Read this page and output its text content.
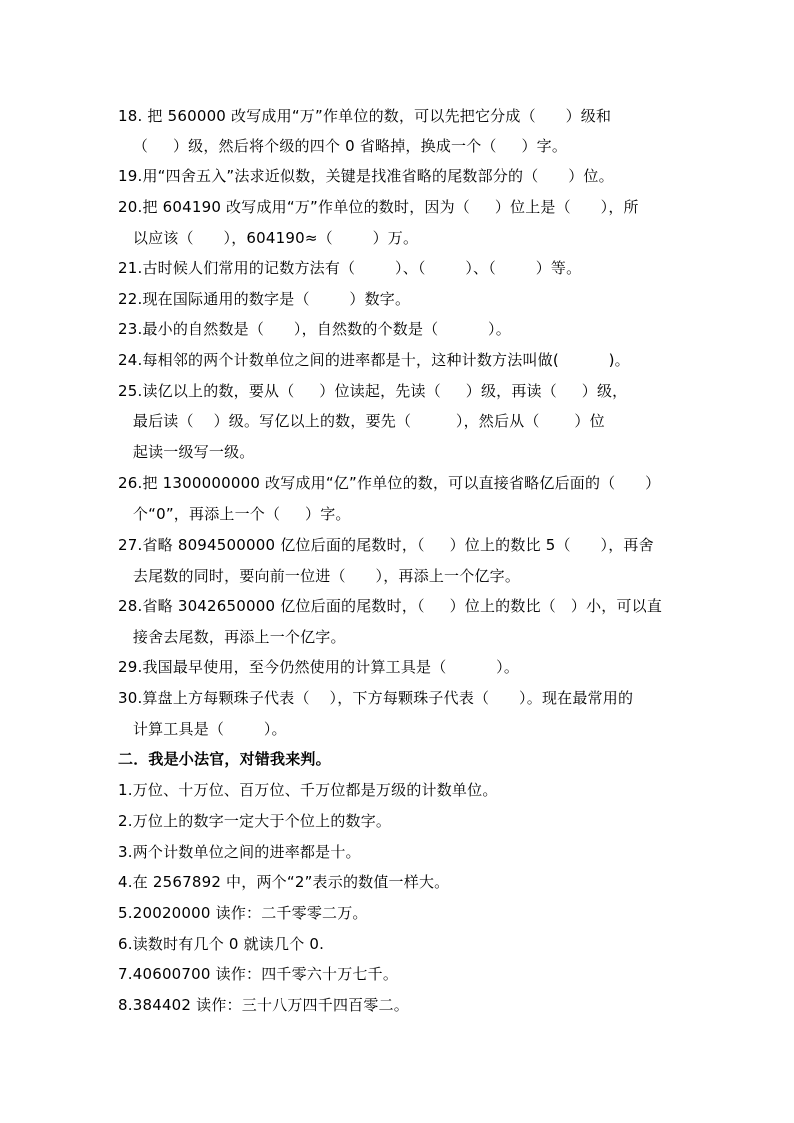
18. 把 560000 改写成用“万”作单位的数，可以先把它分成（      ）级和
（     ）级，然后将个级的四个 0 省略掉，换成一个（     ）字。
19.用“四舍五入”法求近似数，关键是找准省略的尾数部分的（      ）位。
20.把 604190 改写成用“万”作单位的数时，因为（     ）位上是（      ），所
以应该（      ），604190≈（        ）万。
21.古时候人们常用的记数方法有（        ）、（        ）、（        ）等。
22.现在国际通用的数字是（        ）数字。
23.最小的自然数是（      ），自然数的个数是（          ）。
24.每相邻的两个计数单位之间的进率都是十，这种计数方法叫做(          )。
25.读亿以上的数，要从（     ）位读起，先读（     ）级，再读（     ）级，
最后读（    ）级。写亿以上的数，要先（         ），然后从（       ）位
起读一级写一级。
26.把 1300000000 改写成用“亿”作单位的数，可以直接省略亿后面的（      ）
个“0”，再添上一个（     ）字。
27.省略 8094500000 亿位后面的尾数时，（     ）位上的数比 5（      ），再舍
去尾数的同时，要向前一位进（      ），再添上一个亿字。
28.省略 3042650000 亿位后面的尾数时，（     ）位上的数比（   ）小，可以直
接舍去尾数，再添上一个亿字。
29.我国最早使用，至今仍然使用的计算工具是（          ）。
30.算盘上方每颗珠子代表（    ），下方每颗珠子代表（      ）。现在最常用的
计算工具是（        ）。
二．我是小法官，对错我来判。
1.万位、十万位、百万位、千万位都是万级的计数单位。
2.万位上的数字一定大于个位上的数字。
3.两个计数单位之间的进率都是十。
4.在 2567892 中，两个“2”表示的数值一样大。
5.20020000 读作：二千零零二万。
6.读数时有几个 0 就读几个 0.
7.40600700 读作：四千零六十万七千。
8.384402 读作：三十八万四千四百零二。
